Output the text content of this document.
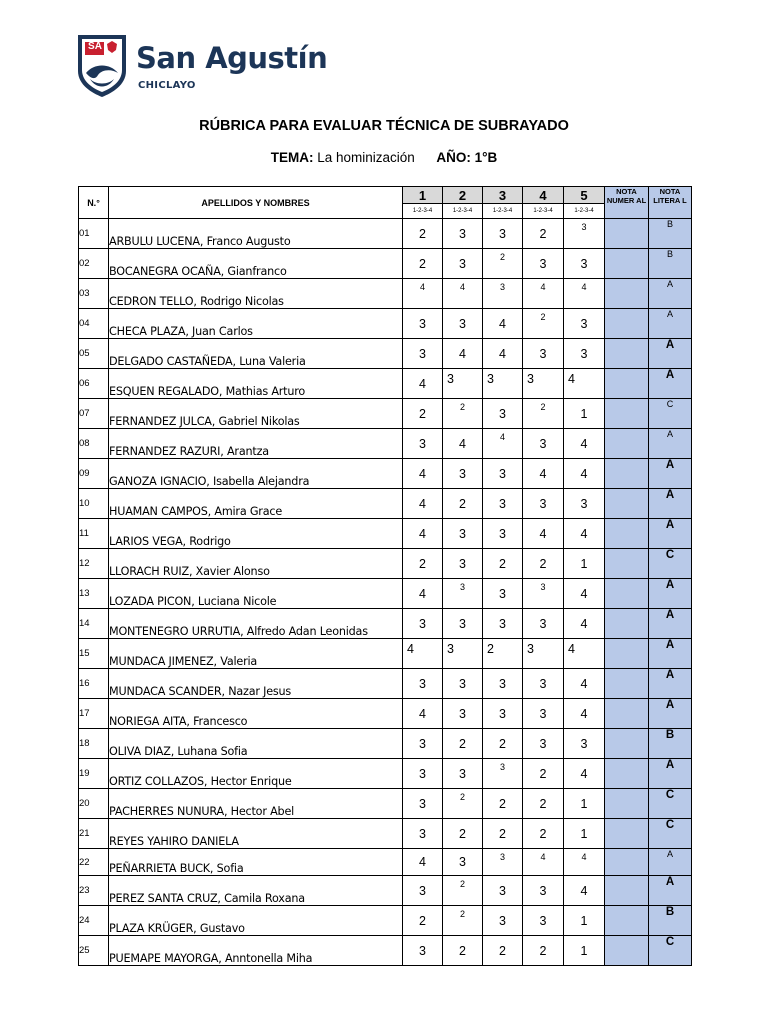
SA San Agustín
CHICLAYO
RÚBRICA PARA EVALUAR TÉCNICA DE SUBRAYADO
TEMA: La hominización AÑO: 1°B
N.°	APELLIDOS Y NOMBRES	1	2	3	4	5	NOTA NUMER AL	NOTA LITERA L
		1-2-3-4	1-2-3-4	1-2-3-4	1-2-3-4	1-2-3-4		
01	ARBULU LUCENA, Franco Augusto	2	3	3	2	3		B
02	BOCANEGRA OCAÑA, Gianfranco	2	3	2	3	3		B
03	CEDRON TELLO, Rodrigo Nicolas	4	4	3	4	4		A
04	CHECA PLAZA, Juan Carlos	3	3	4	2	3		A
05	DELGADO CASTAÑEDA, Luna Valeria	3	4	4	3	3		A
06	ESQUEN REGALADO, Mathias Arturo	4	3	3	3	4		A
07	FERNANDEZ JULCA, Gabriel Nikolas	2	2	3	2	1		C
08	FERNANDEZ RAZURI, Arantza	3	4	4	3	4		A
09	GANOZA IGNACIO, Isabella Alejandra	4	3	3	4	4		A
10	HUAMAN CAMPOS, Amira Grace	4	2	3	3	3		A
11	LARIOS VEGA, Rodrigo	4	3	3	4	4		A
12	LLORACH RUIZ, Xavier Alonso	2	3	2	2	1		C
13	LOZADA PICON, Luciana Nicole	4	3	3	3	4		A
14	MONTENEGRO URRUTIA, Alfredo Adan Leonidas	3	3	3	3	4		A
15	MUNDACA JIMENEZ, Valeria	4	3	2	3	4		A
16	MUNDACA SCANDER, Nazar Jesus	3	3	3	3	4		A
17	NORIEGA AITA, Francesco	4	3	3	3	4		A
18	OLIVA DIAZ, Luhana Sofia	3	2	2	3	3		B
19	ORTIZ COLLAZOS, Hector Enrique	3	3	3	2	4		A
20	PACHERRES NUNURA, Hector Abel	3	2	2	2	1		C
21	REYES YAHIRO DANIELA	3	2	2	2	1		C
22	PEÑARRIETA BUCK, Sofia	4	3	3	4	4		A
23	PEREZ SANTA CRUZ, Camila Roxana	3	2	3	3	4		A
24	PLAZA KRÜGER, Gustavo	2	2	3	3	1		B
25	PUEMAPE MAYORGA, Anntonella Miha	3	2	2	2	1		C
